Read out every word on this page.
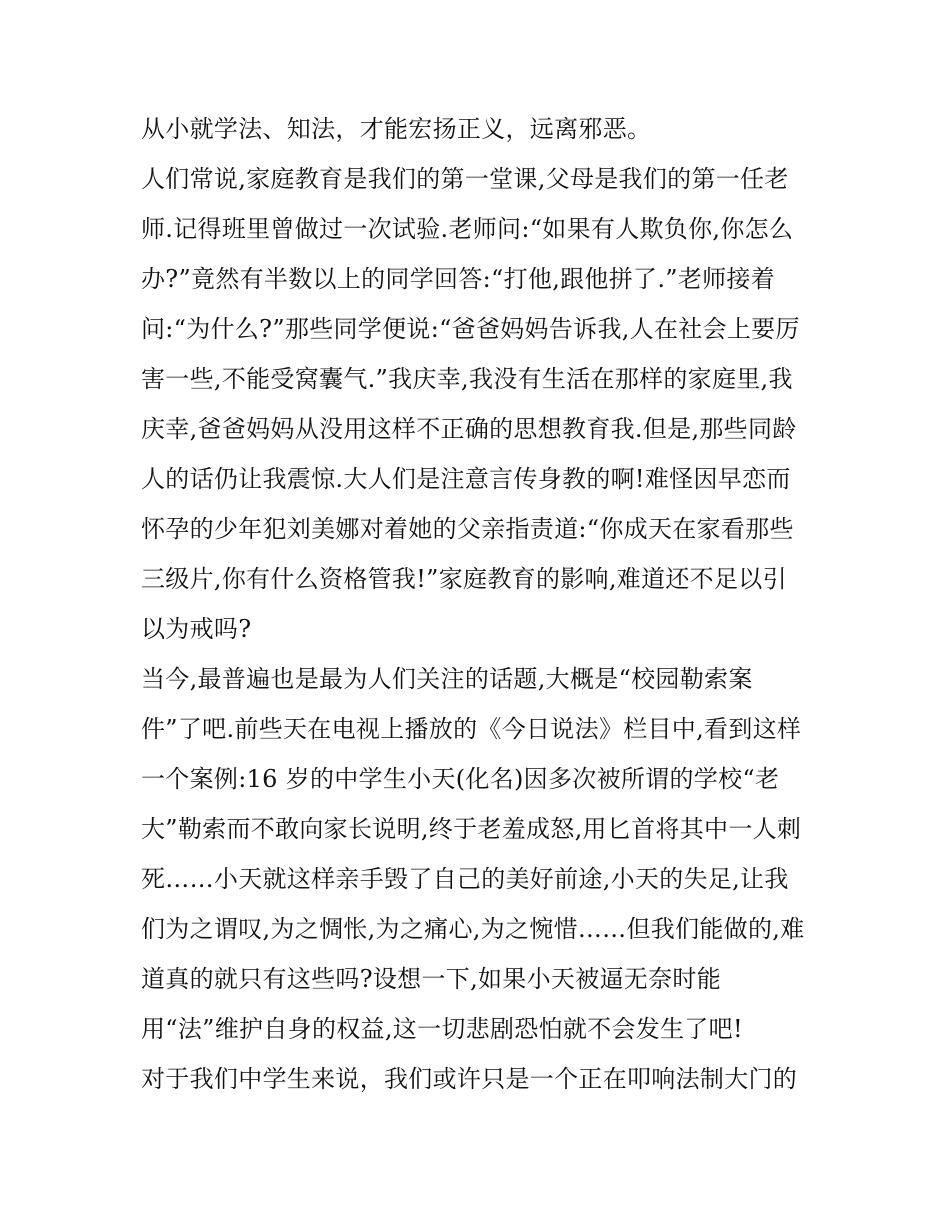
从小就学法、知法，才能宏扬正义，远离邪恶。
人们常说,家庭教育是我们的第一堂课,父母是我们的第一任老
师.记得班里曾做过一次试验.老师问:“如果有人欺负你,你怎么
办?”竟然有半数以上的同学回答:“打他,跟他拼了.”老师接着
问:“为什么?”那些同学便说:“爸爸妈妈告诉我,人在社会上要厉
害一些,不能受窝囊气.”我庆幸,我没有生活在那样的家庭里,我
庆幸,爸爸妈妈从没用这样不正确的思想教育我.但是,那些同龄
人的话仍让我震惊.大人们是注意言传身教的啊!难怪因早恋而
怀孕的少年犯刘美娜对着她的父亲指责道:“你成天在家看那些
三级片,你有什么资格管我!”家庭教育的影响,难道还不足以引
以为戒吗?
当今,最普遍也是最为人们关注的话题,大概是“校园勒索案
件”了吧.前些天在电视上播放的《今日说法》栏目中,看到这样
一个案例:16 岁的中学生小天(化名)因多次被所谓的学校“老
大”勒索而不敢向家长说明,终于老羞成怒,用匕首将其中一人刺
死……小天就这样亲手毁了自己的美好前途,小天的失足,让我
们为之谓叹,为之惆怅,为之痛心,为之惋惜……但我们能做的,难
道真的就只有这些吗?设想一下,如果小天被逼无奈时能
用“法”维护自身的权益,这一切悲剧恐怕就不会发生了吧!
对于我们中学生来说，我们或许只是一个正在叩响法制大门的
